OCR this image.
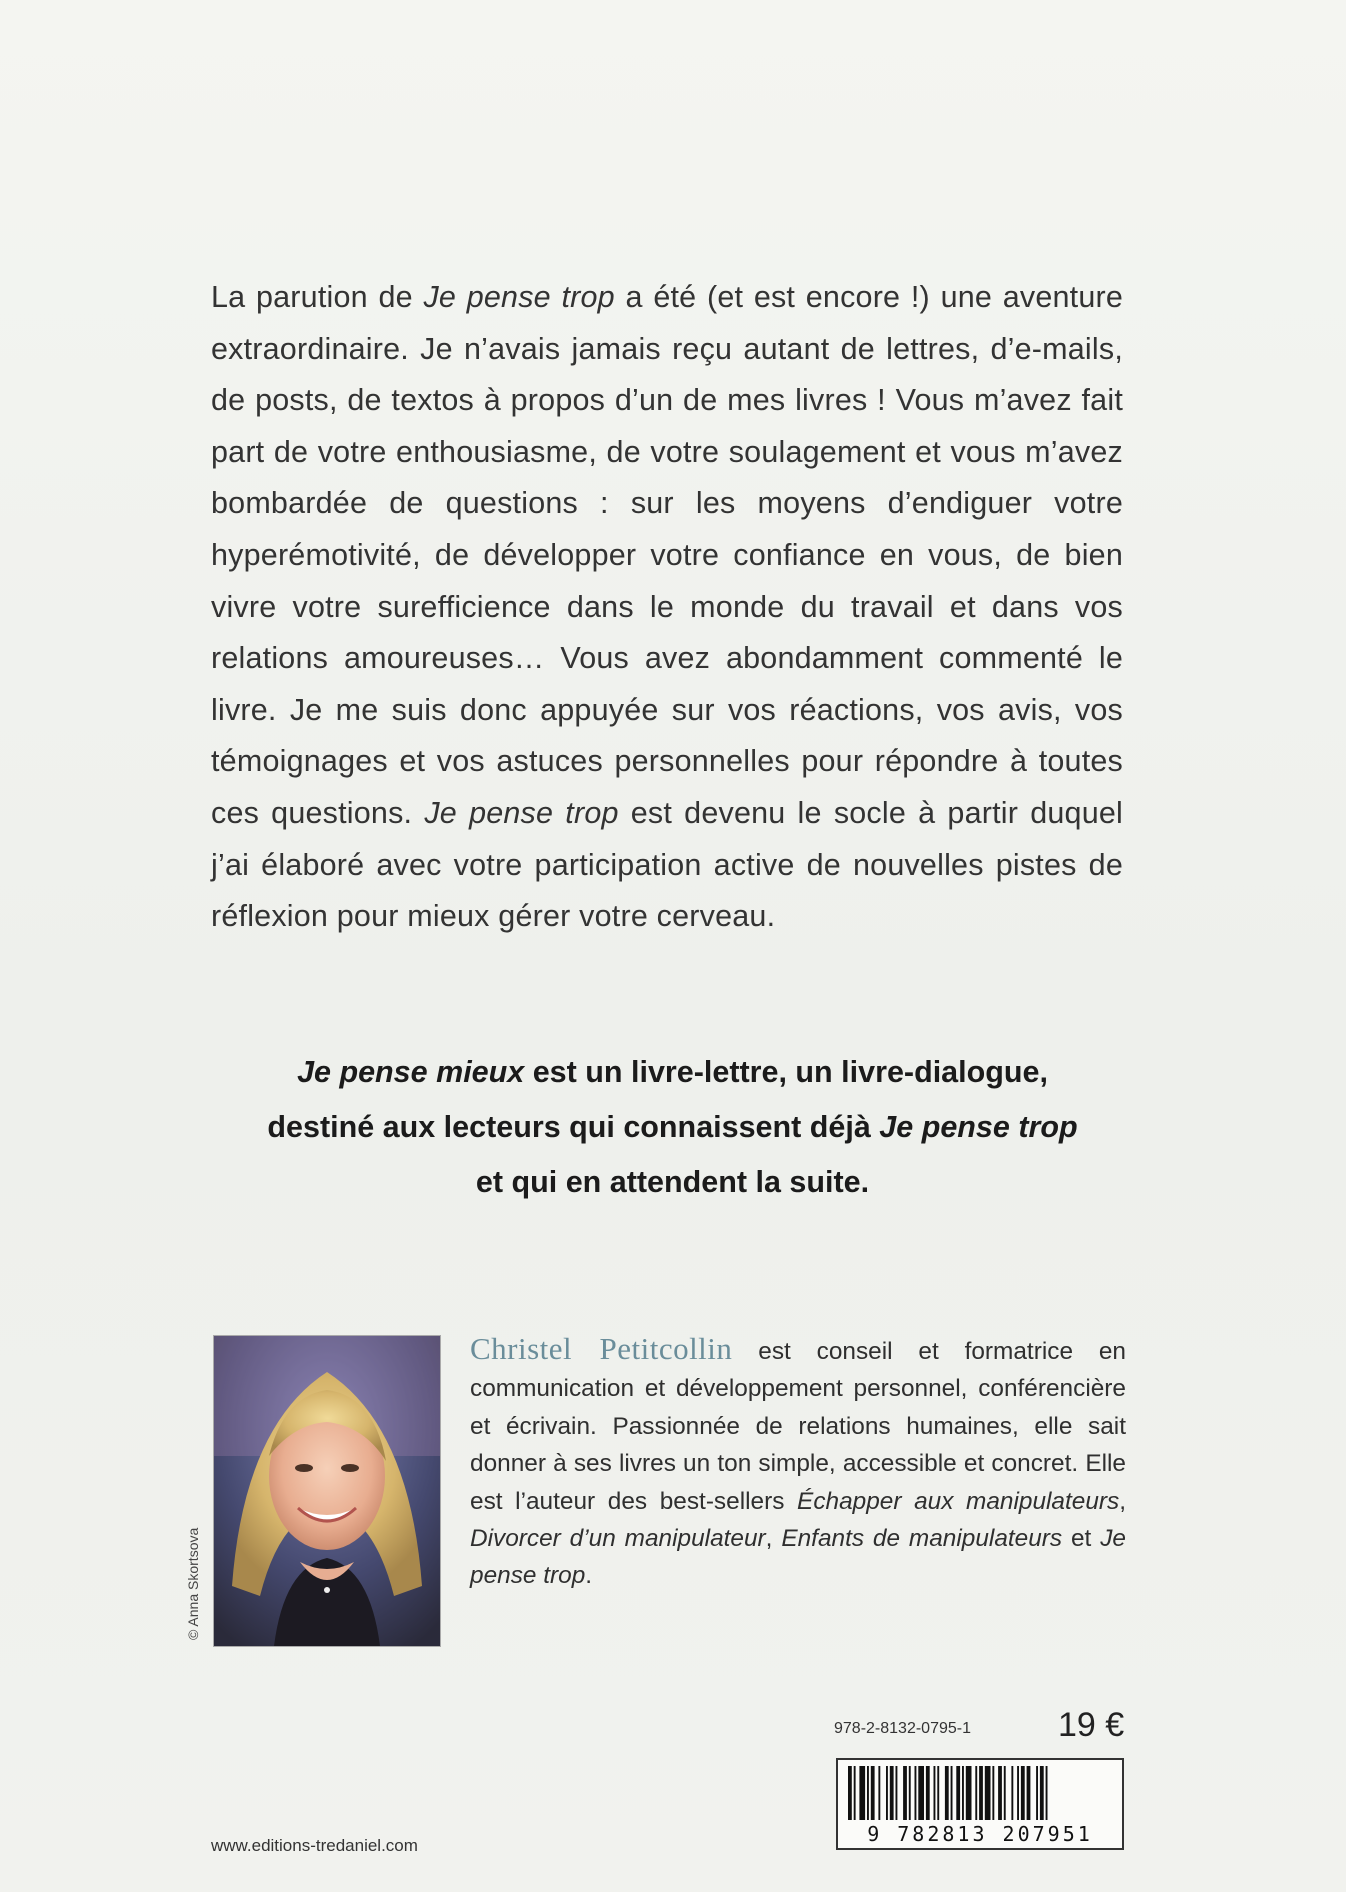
La parution de Je pense trop a été (et est encore !) une aventure extraordinaire. Je n’avais jamais reçu autant de lettres, d’e-mails, de posts, de textos à propos d’un de mes livres ! Vous m’avez fait part de votre enthousiasme, de votre soulagement et vous m’avez bombardée de questions : sur les moyens d’endiguer votre hyperémotivité, de développer votre confiance en vous, de bien vivre votre surefficience dans le monde du travail et dans vos relations amoureuses… Vous avez abondamment commenté le livre. Je me suis donc appuyée sur vos réactions, vos avis, vos témoignages et vos astuces personnelles pour répondre à toutes ces questions. Je pense trop est devenu le socle à partir duquel j’ai élaboré avec votre participation active de nouvelles pistes de réflexion pour mieux gérer votre cerveau.
Je pense mieux est un livre-lettre, un livre-dialogue,
destiné aux lecteurs qui connaissent déjà Je pense trop
et qui en attendent la suite.
© Anna Skortsova
Christel Petitcollin est conseil et formatrice en communication et développement personnel, conférencière et écrivain. Passionnée de relations humaines, elle sait donner à ses livres un ton simple, accessible et concret. Elle est l’auteur des best-sellers Échapper aux manipulateurs, Divorcer d’un manipulateur, Enfants de manipulateurs et Je pense trop.
978-2-8132-0795-1	19 €
9 782813 207951
www.editions-tredaniel.com
